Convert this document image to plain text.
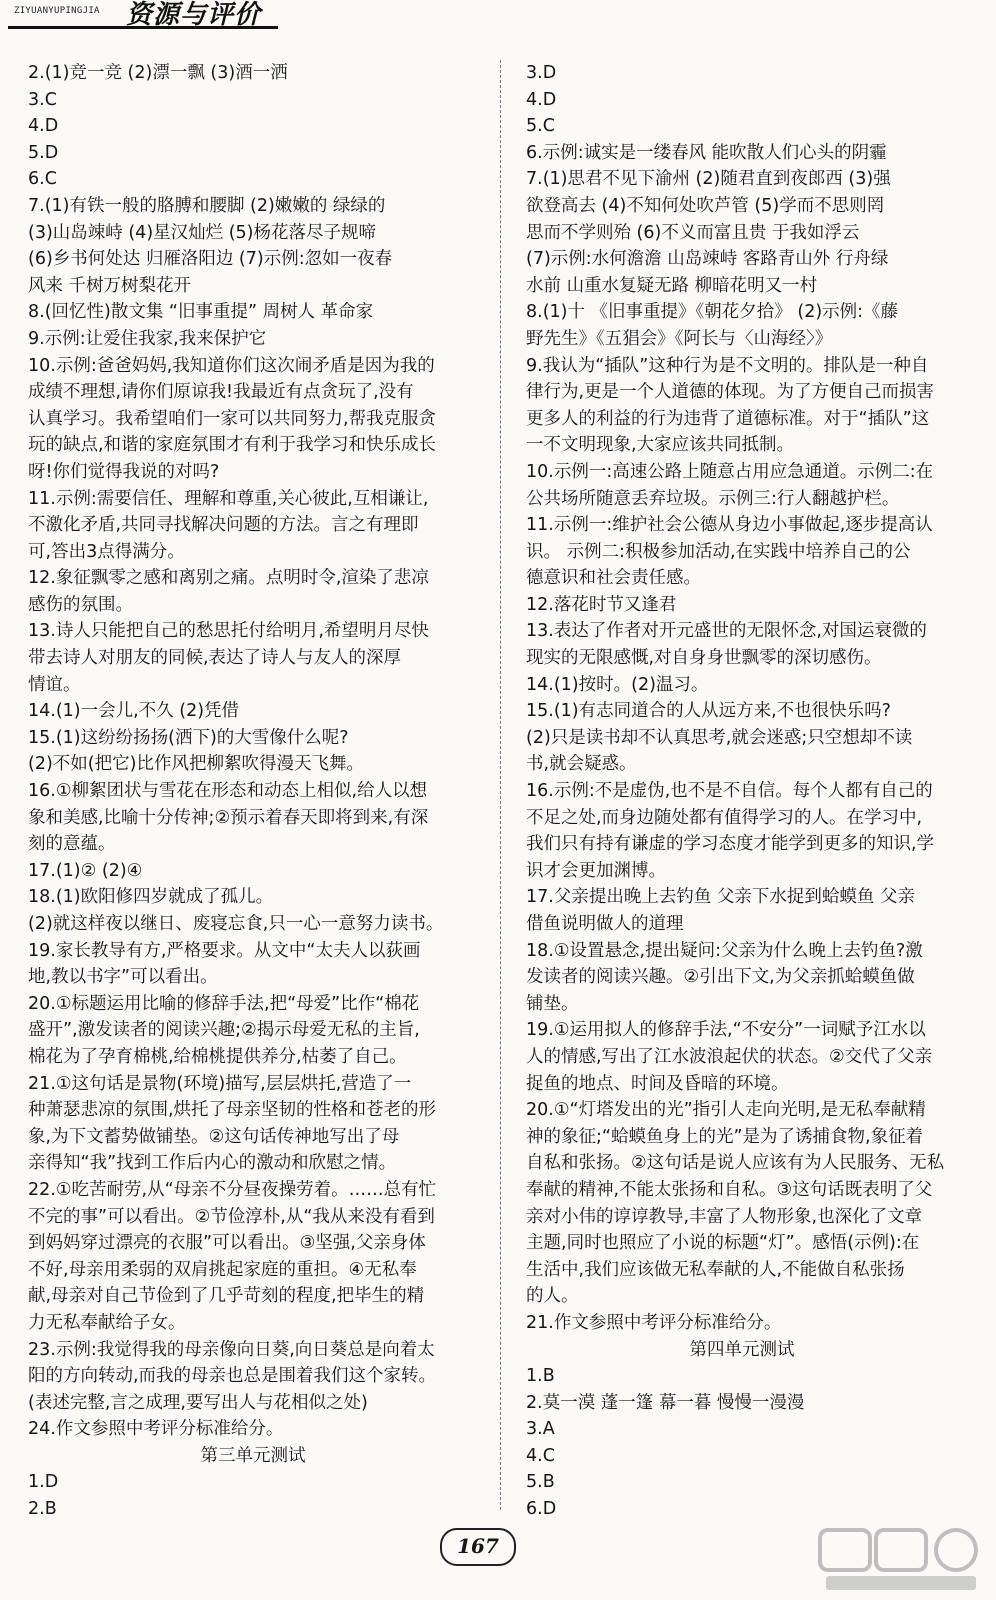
ZIYUANYUPINGJIA 资源与评价
2.(1)竞一竞 (2)漂一飘 (3)酒一洒
3.C
4.D
5.D
6.C
7.(1)有铁一般的胳膊和腰脚 (2)嫩嫩的 绿绿的
(3)山岛竦峙 (4)星汉灿烂 (5)杨花落尽子规啼
(6)乡书何处达 归雁洛阳边 (7)示例:忽如一夜春
风来 千树万树梨花开
8.(回忆性)散文集 “旧事重提” 周树人 革命家
9.示例:让爱住我家,我来保护它
10.示例:爸爸妈妈,我知道你们这次闹矛盾是因为我的
成绩不理想,请你们原谅我!我最近有点贪玩了,没有
认真学习。我希望咱们一家可以共同努力,帮我克服贪
玩的缺点,和谐的家庭氛围才有利于我学习和快乐成长
呀!你们觉得我说的对吗?
11.示例:需要信任、理解和尊重,关心彼此,互相谦让,
不激化矛盾,共同寻找解决问题的方法。言之有理即
可,答出3点得满分。
12.象征飘零之感和离别之痛。点明时令,渲染了悲凉
感伤的氛围。
13.诗人只能把自己的愁思托付给明月,希望明月尽快
带去诗人对朋友的同候,表达了诗人与友人的深厚
情谊。
14.(1)一会儿,不久 (2)凭借
15.(1)这纷纷扬扬(洒下)的大雪像什么呢?
(2)不如(把它)比作风把柳絮吹得漫天飞舞。
16.①柳絮团状与雪花在形态和动态上相似,给人以想
象和美感,比喻十分传神;②预示着春天即将到来,有深
刻的意蕴。
17.(1)② (2)④
18.(1)欧阳修四岁就成了孤儿。
(2)就这样夜以继日、废寝忘食,只一心一意努力读书。
19.家长教导有方,严格要求。从文中“太夫人以荻画
地,教以书字”可以看出。
20.①标题运用比喻的修辞手法,把“母爱”比作“棉花
盛开”,激发读者的阅读兴趣;②揭示母爱无私的主旨,
棉花为了孕育棉桃,给棉桃提供养分,枯萎了自己。
21.①这句话是景物(环境)描写,层层烘托,营造了一
种萧瑟悲凉的氛围,烘托了母亲坚韧的性格和苍老的形
象,为下文蓄势做铺垫。②这句话传神地写出了母
亲得知“我”找到工作后内心的激动和欣慰之情。
22.①吃苦耐劳,从“母亲不分昼夜操劳着。……总有忙
不完的事”可以看出。②节俭淳朴,从“我从来没有看到
到妈妈穿过漂亮的衣服”可以看出。③坚强,父亲身体
不好,母亲用柔弱的双肩挑起家庭的重担。④无私奉
献,母亲对自己节俭到了几乎苛刻的程度,把毕生的精
力无私奉献给子女。
23.示例:我觉得我的母亲像向日葵,向日葵总是向着太
阳的方向转动,而我的母亲也总是围着我们这个家转。
(表述完整,言之成理,要写出人与花相似之处)
24.作文参照中考评分标准给分。
第三单元测试
1.D
2.B
3.D
4.D
5.C
6.示例:诚实是一缕春风 能吹散人们心头的阴霾
7.(1)思君不见下渝州 (2)随君直到夜郎西 (3)强
欲登高去 (4)不知何处吹芦管 (5)学而不思则罔
思而不学则殆 (6)不义而富且贵 于我如浮云
(7)示例:水何澹澹 山岛竦峙 客路青山外 行舟绿
水前 山重水复疑无路 柳暗花明又一村
8.(1)十 《旧事重提》《朝花夕拾》 (2)示例:《藤
野先生》《五猖会》《阿长与〈山海经〉》
9.我认为“插队”这种行为是不文明的。排队是一种自
律行为,更是一个人道德的体现。为了方便自己而损害
更多人的利益的行为违背了道德标准。对于“插队”这
一不文明现象,大家应该共同抵制。
10.示例一:高速公路上随意占用应急通道。示例二:在
公共场所随意丢弃垃圾。示例三:行人翻越护栏。
11.示例一:维护社会公德从身边小事做起,逐步提高认
识。 示例二:积极参加活动,在实践中培养自己的公
德意识和社会责任感。
12.落花时节又逢君
13.表达了作者对开元盛世的无限怀念,对国运衰微的
现实的无限感慨,对自身身世飘零的深切感伤。
14.(1)按时。(2)温习。
15.(1)有志同道合的人从远方来,不也很快乐吗?
(2)只是读书却不认真思考,就会迷惑;只空想却不读
书,就会疑惑。
16.示例:不是虚伪,也不是不自信。每个人都有自己的
不足之处,而身边随处都有值得学习的人。在学习中,
我们只有持有谦虚的学习态度才能学到更多的知识,学
识才会更加渊博。
17.父亲提出晚上去钓鱼 父亲下水捉到蛤蟆鱼 父亲
借鱼说明做人的道理
18.①设置悬念,提出疑问:父亲为什么晚上去钓鱼?激
发读者的阅读兴趣。②引出下文,为父亲抓蛤蟆鱼做
铺垫。
19.①运用拟人的修辞手法,“不安分”一词赋予江水以
人的情感,写出了江水波浪起伏的状态。②交代了父亲
捉鱼的地点、时间及昏暗的环境。
20.①“灯塔发出的光”指引人走向光明,是无私奉献精
神的象征;“蛤蟆鱼身上的光”是为了诱捕食物,象征着
自私和张扬。②这句话是说人应该有为人民服务、无私
奉献的精神,不能太张扬和自私。③这句话既表明了父
亲对小伟的谆谆教导,丰富了人物形象,也深化了文章
主题,同时也照应了小说的标题“灯”。感悟(示例):在
生活中,我们应该做无私奉献的人,不能做自私张扬
的人。
21.作文参照中考评分标准给分。
第四单元测试
1.B
2.莫一漠 蓬一篷 幕一暮 慢慢一漫漫
3.A
4.C
5.B
6.D
167
